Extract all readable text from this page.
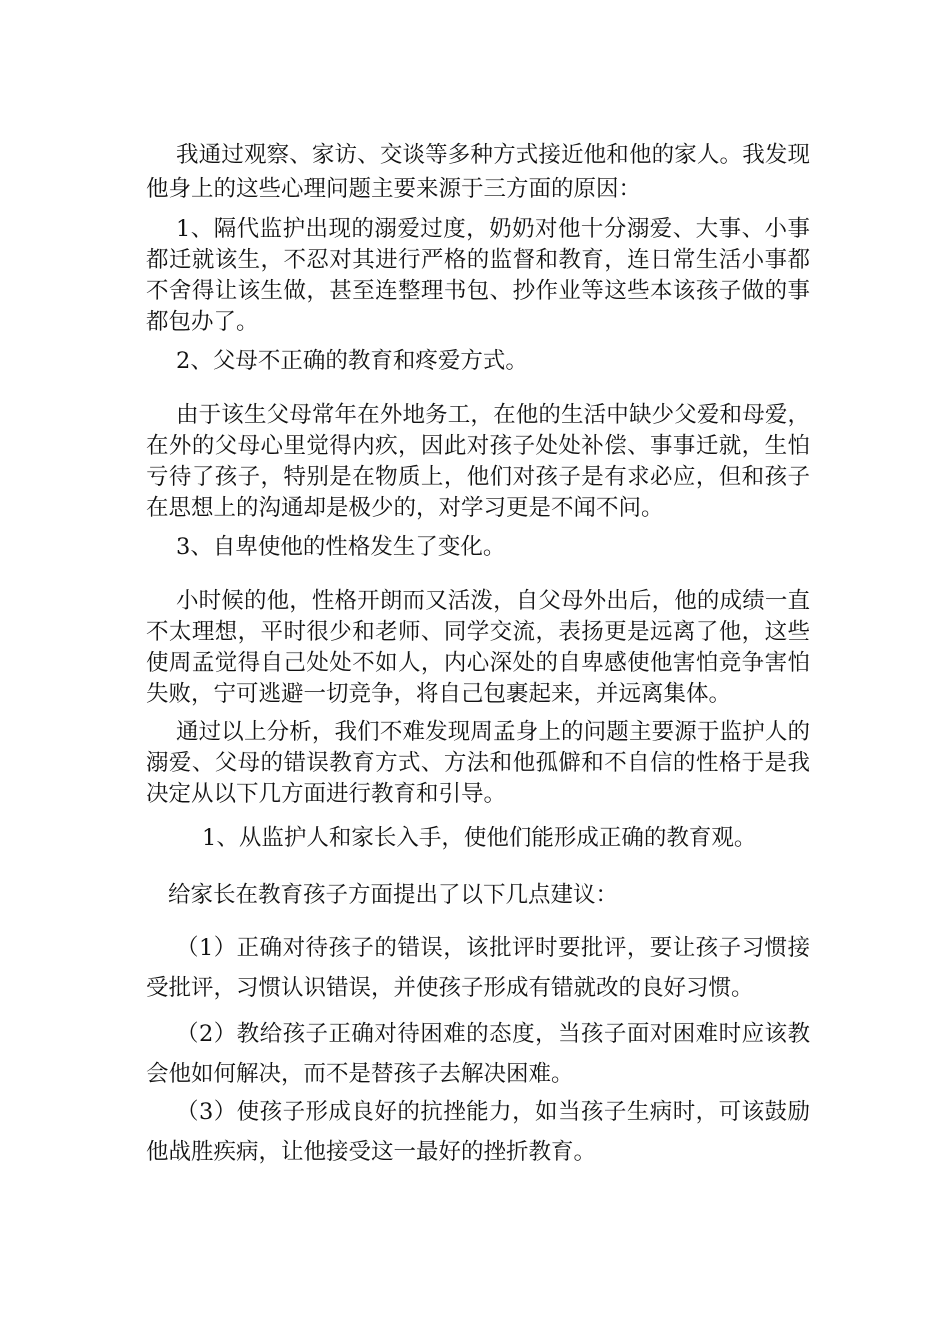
我通过观察、家访、交谈等多种方式接近他和他的家人。我发现他身上的这些心理问题主要来源于三方面的原因：

1、隔代监护出现的溺爱过度，奶奶对他十分溺爱、大事、小事都迁就该生，不忍对其进行严格的监督和教育，连日常生活小事都不舍得让该生做，甚至连整理书包、抄作业等这些本该孩子做的事都包办了。

2、父母不正确的教育和疼爱方式。

由于该生父母常年在外地务工，在他的生活中缺少父爱和母爱，在外的父母心里觉得内疚，因此对孩子处处补偿、事事迁就，生怕亏待了孩子，特别是在物质上，他们对孩子是有求必应，但和孩子在思想上的沟通却是极少的，对学习更是不闻不问。

3、自卑使他的性格发生了变化。

小时候的他，性格开朗而又活泼，自父母外出后，他的成绩一直不太理想，平时很少和老师、同学交流，表扬更是远离了他，这些使周孟觉得自己处处不如人，内心深处的自卑感使他害怕竞争害怕失败，宁可逃避一切竞争，将自己包裹起来，并远离集体。

通过以上分析，我们不难发现周孟身上的问题主要源于监护人的溺爱、父母的错误教育方式、方法和他孤僻和不自信的性格于是我决定从以下几方面进行教育和引导。

1、从监护人和家长入手，使他们能形成正确的教育观。

给家长在教育孩子方面提出了以下几点建议：

（1）正确对待孩子的错误，该批评时要批评，要让孩子习惯接受批评，习惯认识错误，并使孩子形成有错就改的良好习惯。

（2）教给孩子正确对待困难的态度，当孩子面对困难时应该教会他如何解决，而不是替孩子去解决困难。

（3）使孩子形成良好的抗挫能力，如当孩子生病时，可该鼓励他战胜疾病，让他接受这一最好的挫折教育。
